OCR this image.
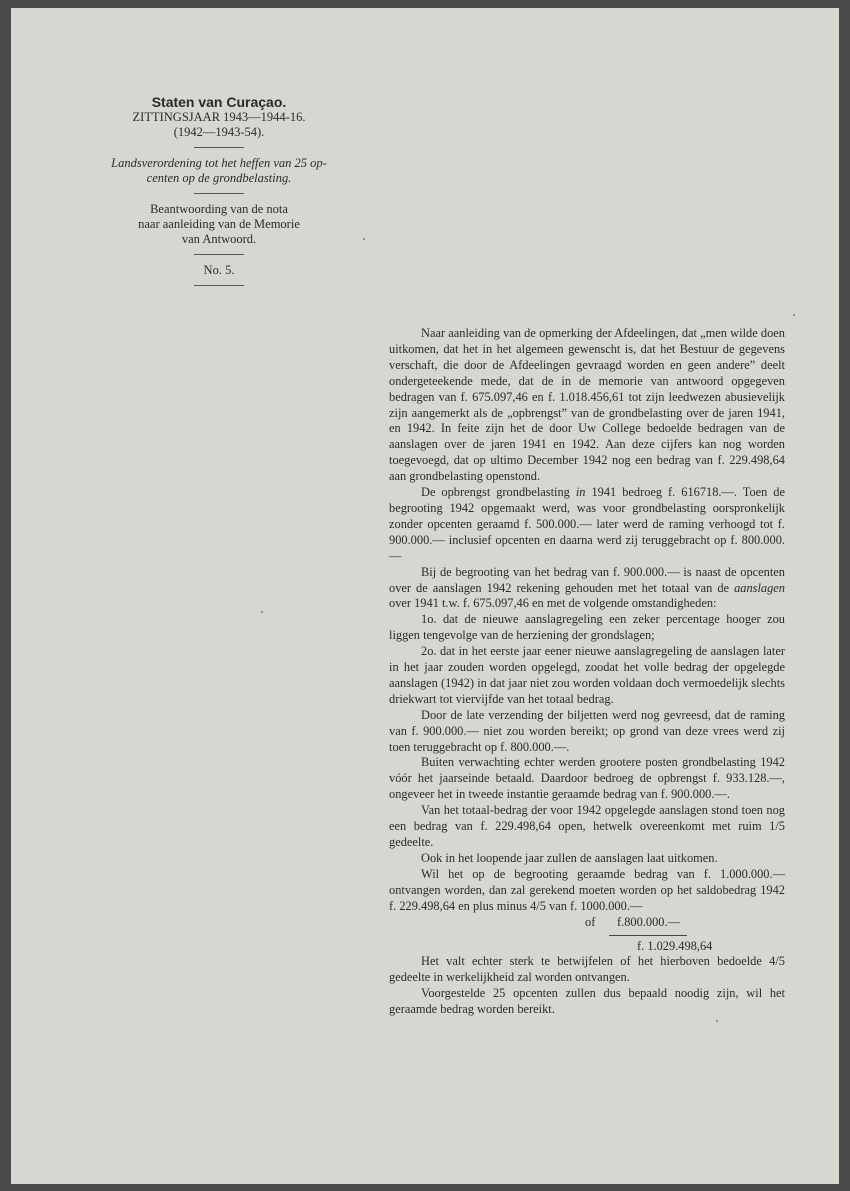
Staten van Curaçao.
ZITTINGSJAAR 1943—1944-16.
(1942—1943-54).
Landsverordening tot het heffen van 25 op-
centen op de grondbelasting.
Beantwoording van de nota
naar aanleiding van de Memorie
van Antwoord.
No. 5.

Naar aanleiding van de opmerking der Afdeelingen, dat „men wilde doen uitkomen, dat het in het algemeen gewenscht is, dat het Bestuur de gegevens verschaft, die door de Afdeelingen gevraagd worden en geen andere” deelt ondergeteekende mede, dat de in de memorie van antwoord opgegeven bedragen van f. 675.097,46 en f. 1.018.456,61 tot zijn leedwezen abusievelijk zijn aangemerkt als de „opbrengst” van de grondbelasting over de jaren 1941, en 1942. In feite zijn het de door Uw College bedoelde bedragen van de aanslagen over de jaren 1941 en 1942. Aan deze cijfers kan nog worden toegevoegd, dat op ultimo December 1942 nog een bedrag van f. 229.498,64 aan grondbelasting openstond.

De opbrengst grondbelasting in 1941 bedroeg f. 616718.—. Toen de begrooting 1942 opgemaakt werd, was voor grondbelasting oorspronkelijk zonder opcenten geraamd f. 500.000.— later werd de raming verhoogd tot f. 900.000.— inclusief opcenten en daarna werd zij teruggebracht op f. 800.000.—

Bij de begrooting van het bedrag van f. 900.000.— is naast de opcenten over de aanslagen 1942 rekening gehouden met het totaal van de aanslagen over 1941 t.w. f. 675.097,46 en met de volgende omstandigheden:

1o. dat de nieuwe aanslagregeling een zeker percentage hooger zou liggen tengevolge van de herziening der grondslagen;

2o. dat in het eerste jaar eener nieuwe aanslagregeling de aanslagen later in het jaar zouden worden opgelegd, zoodat het volle bedrag der opgelegde aanslagen (1942) in dat jaar niet zou worden voldaan doch vermoedelijk slechts driekwart tot viervijfde van het totaal bedrag.

Door de late verzending der biljetten werd nog gevreesd, dat de raming van f. 900.000.— niet zou worden bereikt; op grond van deze vrees werd zij toen teruggebracht op f. 800.000.—.

Buiten verwachting echter werden grootere posten grondbelasting 1942 vóór het jaarseinde betaald. Daardoor bedroeg de opbrengst f. 933.128.—, ongeveer het in tweede instantie geraamde bedrag van f. 900.000.—.

Van het totaal-bedrag der voor 1942 opgelegde aanslagen stond toen nog een bedrag van f. 229.498,64 open, hetwelk overeenkomt met ruim 1/5 gedeelte.

Ook in het loopende jaar zullen de aanslagen laat uitkomen.

Wil het op de begrooting geraamde bedrag van f. 1.000.000.— ontvangen worden, dan zal gerekend moeten worden op het saldobedrag 1942 f. 229.498,64 en plus minus 4/5 van f. 1000.000.—

of f.800.000.—

f. 1.029.498,64

Het valt echter sterk te betwijfelen of het hierboven bedoelde 4/5 gedeelte in werkelijkheid zal worden ontvangen.

Voorgestelde 25 opcenten zullen dus bepaald noodig zijn, wil het geraamde bedrag worden bereikt.
